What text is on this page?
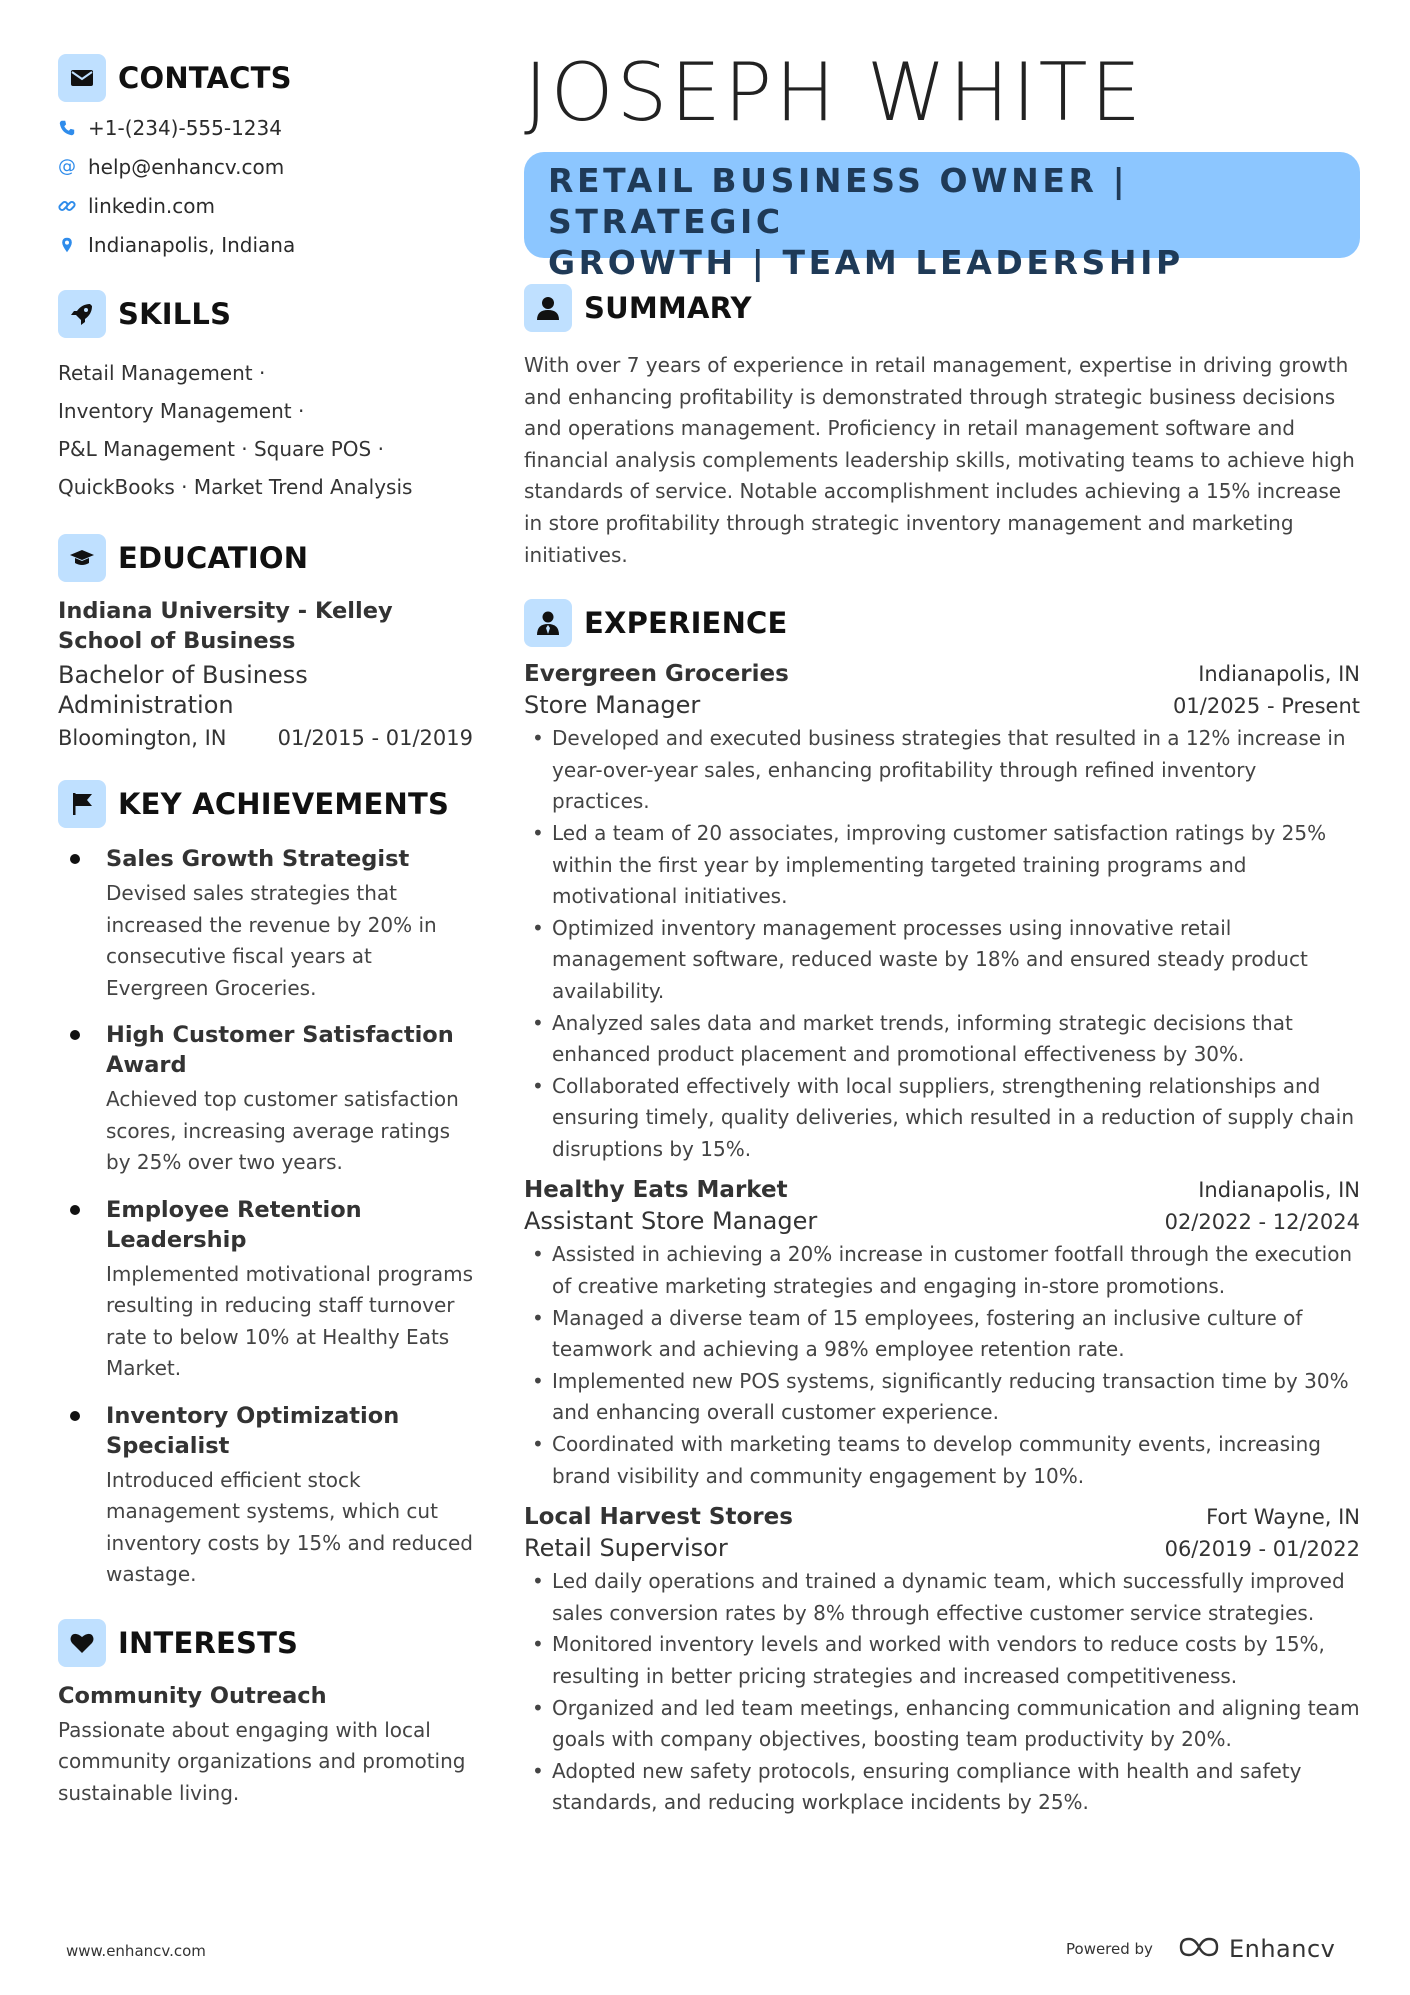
CONTACTS
+1-(234)-555-1234
@ help@enhancv.com
linkedin.com
Indianapolis, Indiana
SKILLS
Retail Management ·
Inventory Management ·
P&L Management · Square POS ·
QuickBooks · Market Trend Analysis
EDUCATION
Indiana University - Kelley
School of Business
Bachelor of Business
Administration
Bloomington, IN 01/2015 - 01/2019
KEY ACHIEVEMENTS
Sales Growth Strategist
Devised sales strategies that increased the revenue by 20% in consecutive fiscal years at Evergreen Groceries.
High Customer Satisfaction Award
Achieved top customer satisfaction scores, increasing average ratings by 25% over two years.
Employee Retention Leadership
Implemented motivational programs resulting in reducing staff turnover rate to below 10% at Healthy Eats Market.
Inventory Optimization Specialist
Introduced efficient stock management systems, which cut inventory costs by 15% and reduced wastage.
INTERESTS
Community Outreach
Passionate about engaging with local community organizations and promoting sustainable living.
JOSEPH WHITE
RETAIL BUSINESS OWNER | STRATEGIC
GROWTH | TEAM LEADERSHIP
SUMMARY
With over 7 years of experience in retail management, expertise in driving growth and enhancing profitability is demonstrated through strategic business decisions and operations management. Proficiency in retail management software and financial analysis complements leadership skills, motivating teams to achieve high standards of service. Notable accomplishment includes achieving a 15% increase in store profitability through strategic inventory management and marketing initiatives.
EXPERIENCE
Evergreen Groceries	Indianapolis, IN
Store Manager	01/2025 - Present
• Developed and executed business strategies that resulted in a 12% increase in year-over-year sales, enhancing profitability through refined inventory practices.
• Led a team of 20 associates, improving customer satisfaction ratings by 25% within the first year by implementing targeted training programs and motivational initiatives.
• Optimized inventory management processes using innovative retail management software, reduced waste by 18% and ensured steady product availability.
• Analyzed sales data and market trends, informing strategic decisions that enhanced product placement and promotional effectiveness by 30%.
• Collaborated effectively with local suppliers, strengthening relationships and ensuring timely, quality deliveries, which resulted in a reduction of supply chain disruptions by 15%.
Healthy Eats Market	Indianapolis, IN
Assistant Store Manager	02/2022 - 12/2024
• Assisted in achieving a 20% increase in customer footfall through the execution of creative marketing strategies and engaging in-store promotions.
• Managed a diverse team of 15 employees, fostering an inclusive culture of teamwork and achieving a 98% employee retention rate.
• Implemented new POS systems, significantly reducing transaction time by 30% and enhancing overall customer experience.
• Coordinated with marketing teams to develop community events, increasing brand visibility and community engagement by 10%.
Local Harvest Stores	Fort Wayne, IN
Retail Supervisor	06/2019 - 01/2022
• Led daily operations and trained a dynamic team, which successfully improved sales conversion rates by 8% through effective customer service strategies.
• Monitored inventory levels and worked with vendors to reduce costs by 15%, resulting in better pricing strategies and increased competitiveness.
• Organized and led team meetings, enhancing communication and aligning team goals with company objectives, boosting team productivity by 20%.
• Adopted new safety protocols, ensuring compliance with health and safety standards, and reducing workplace incidents by 25%.
www.enhancv.com	Powered by	Enhancv
